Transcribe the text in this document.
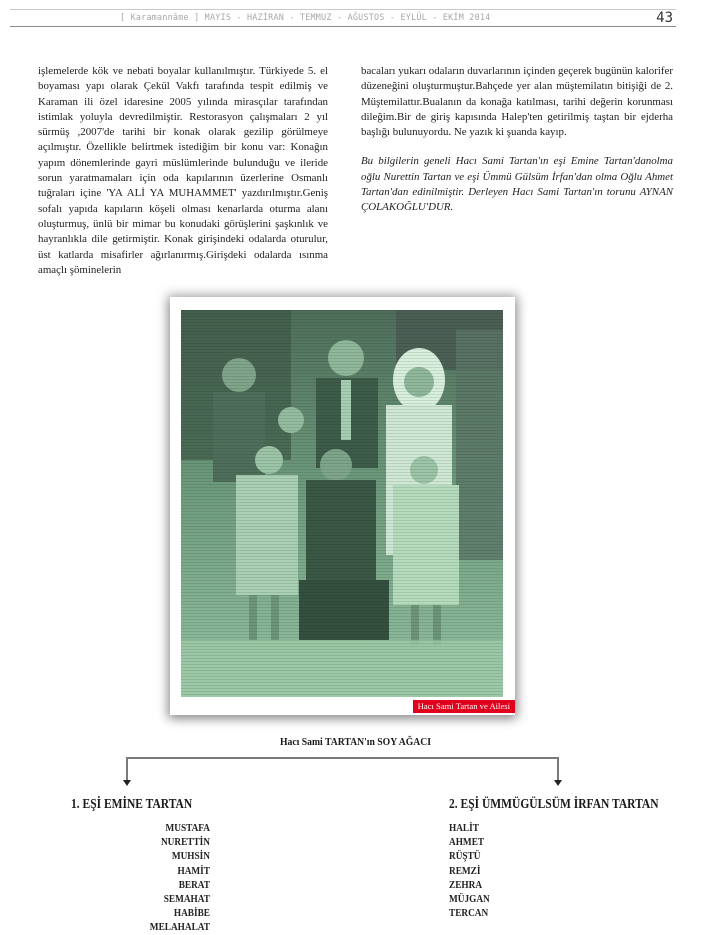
[ Karamannâme ] MAYIS - HAZİRAN - TEMMUZ - AĞUSTOS - EYLÜL - EKİM 2014	43

işlemelerde kök ve nebati boyalar kullanılmıştır. Türkiyede 5. el boyaması yapı olarak Çekül Vakfı tarafında tespit edilmiş ve Karaman ili özel idaresine 2005 yılında mirasçılar tarafından istimlak yoluyla devredilmiştir. Restorasyon çalışmaları 2 yıl sürmüş ,2007'de tarihi bir konak olarak gezilip görülmeye açılmıştır. Özellikle belirtmek istediğim bir konu var: Konağın yapım dönemlerinde gayri müslümlerinde bulunduğu ve ileride sorun yaratmamaları için oda kapılarının üzerlerine Osmanlı tuğraları içine 'YA ALİ YA MUHAMMET' yazdırılmıştır.Geniş sofalı yapıda kapıların köşeli olması kenarlarda oturma alanı oluşturmuş, ünlü bir mimar bu konudaki görüşlerini şaşkınlık ve hayranlıkla dile getirmiştir. Konak girişindeki odalarda oturulur, üst katlarda misafirler ağırlanırmış.Girişdeki odalarda ısınma amaçlı şöminelerin

bacaları yukarı odaların duvarlarının içinden geçerek bugünün kalorifer düzeneğini oluşturmuştur.Bahçede yer alan müştemilatın bitişiği de 2. Müştemilattır.Bualanın da konağa katılması, tarihi değerin korunması dileğim.Bir de giriş kapısında Halep'ten getirilmiş taştan bir ejderha başlığı bulunuyordu. Ne yazık ki şuanda kayıp.

Bu bilgilerin geneli Hacı Sami Tartan'ın eşi Emine Tartan'danolma oğlu Nurettin Tartan ve eşi Ümmü Gülsüm İrfan'dan olma Oğlu Ahmet Tartan'dan edinilmiştir. Derleyen Hacı Sami Tartan'ın torunu AYNAN ÇOLAKOĞLU'DUR.

Hacı Sami Tartan ve Ailesi
Hacı Sami TARTAN'ın SOY AĞACI
1. EŞİ EMİNE TARTAN	2. EŞİ ÜMMÜGÜLSÜM İRFAN TARTAN
MUSTAFA
NURETTİN
MUHSİN
HAMİT
BERAT
SEMAHAT
HABİBE
MELAHALAT
HALİT
AHMET
RÜŞTÜ
REMZİ
ZEHRA
MÜJGAN
TERCAN
